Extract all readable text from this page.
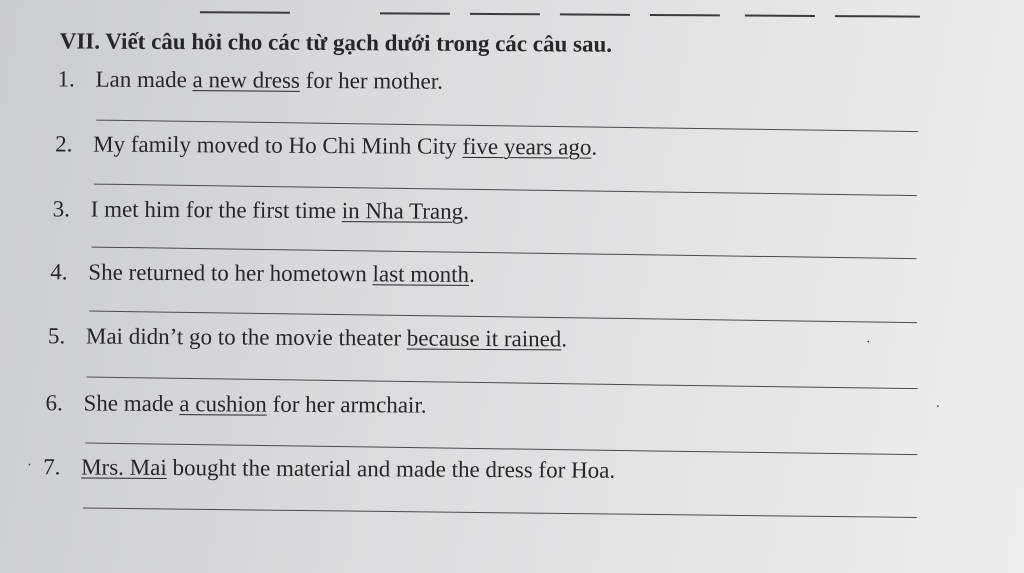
VII. Viết câu hỏi cho các từ gạch dưới trong các câu sau.
1. Lan made a new dress for her mother.
2. My family moved to Ho Chi Minh City five years ago.
3. I met him for the first time in Nha Trang.
4. She returned to her hometown last month.
5. Mai didn’t go to the movie theater because it rained.
6. She made a cushion for her armchair.
7. Mrs. Mai bought the material and made the dress for Hoa.
·
·
·
